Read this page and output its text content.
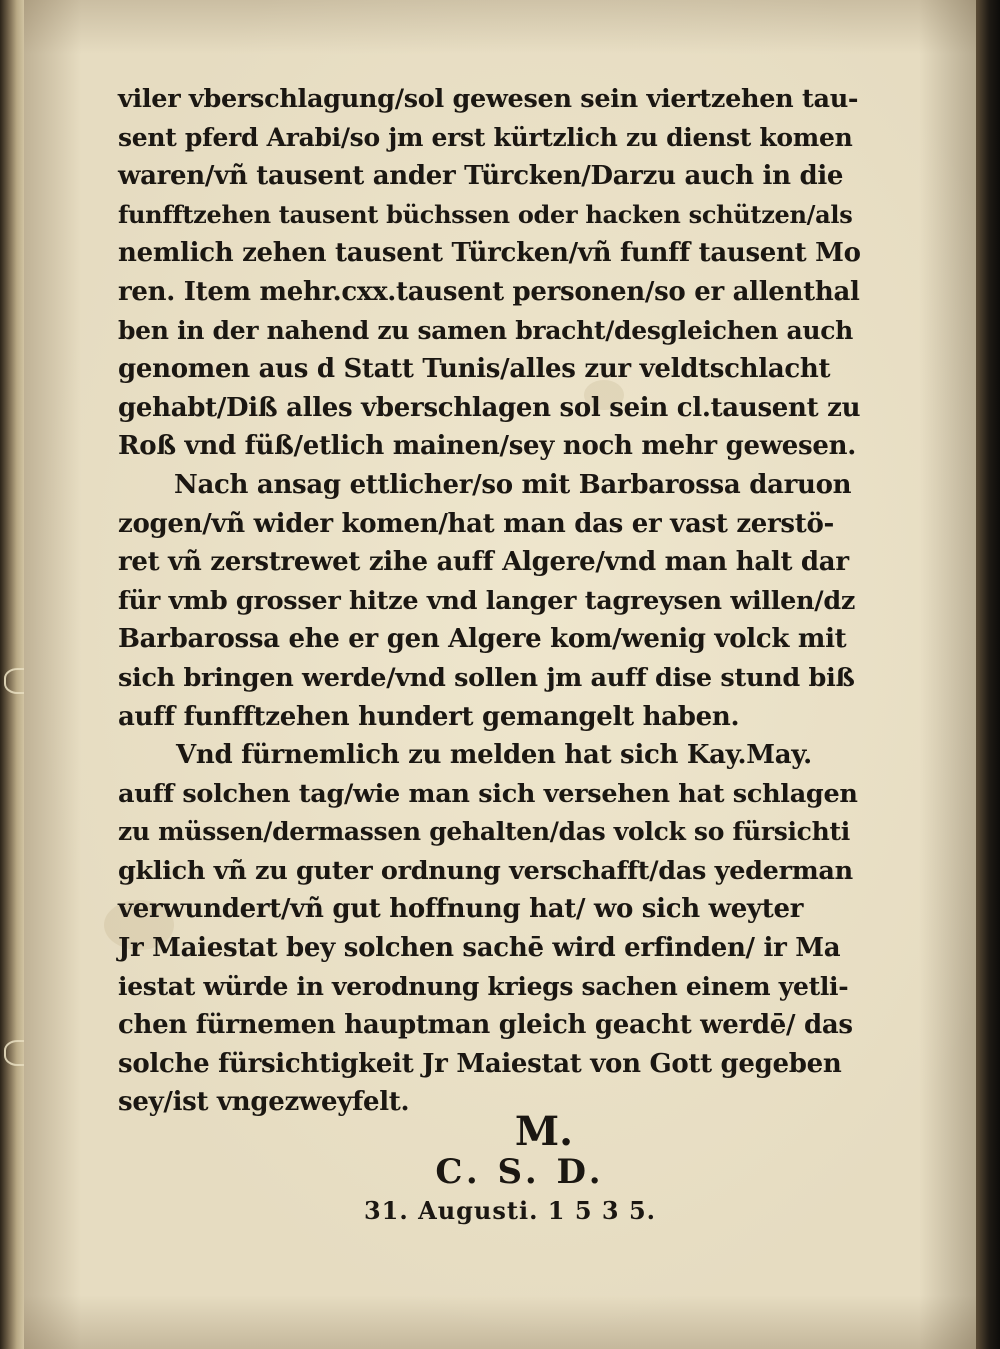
viler vberschlagung/sol gewesen sein viertzehen tau-
sent pferd Arabi/so jm erst kürtzlich zu dienst komen
waren/vñ tausent ander Türcken/Darzu auch in die
funfftzehen tausent büchssen oder hacken schützen/als
nemlich zehen tausent Türcken/vñ funff tausent Mo
ren. Item mehr.cxx.tausent personen/so er allenthal
ben in der nahend zu samen bracht/desgleichen auch
genomen aus d Statt Tunis/alles zur veldtschlacht
gehabt/Diß alles vberschlagen sol sein cl.tausent zu
Roß vnd füß/etlich mainen/sey noch mehr gewesen.
Nach ansag ettlicher/so mit Barbarossa daruon
zogen/vñ wider komen/hat man das er vast zerstö-
ret vñ zerstrewet zihe auff Algere/vnd man halt dar
für vmb grosser hitze vnd langer tagreysen willen/dz
Barbarossa ehe er gen Algere kom/wenig volck mit
sich bringen werde/vnd sollen jm auff dise stund biß
auff funfftzehen hundert gemangelt haben.
Vnd fürnemlich zu melden hat sich Kay.May.
auff solchen tag/wie man sich versehen hat schlagen
zu müssen/dermassen gehalten/das volck so fürsichti
gklich vñ zu guter ordnung verschafft/das yederman
verwundert/vñ gut hoffnung hat/ wo sich weyter
Jr Maiestat bey solchen sachē wird erfinden/ ir Ma
iestat würde in verodnung kriegs sachen einem yetli-
chen fürnemen hauptman gleich geacht werdē/ das
solche fürsichtigkeit Jr Maiestat von Gott gegeben
sey/ist vngezweyfelt.
M.
C. S. D.
31. Augusti. 1 5 3 5.
